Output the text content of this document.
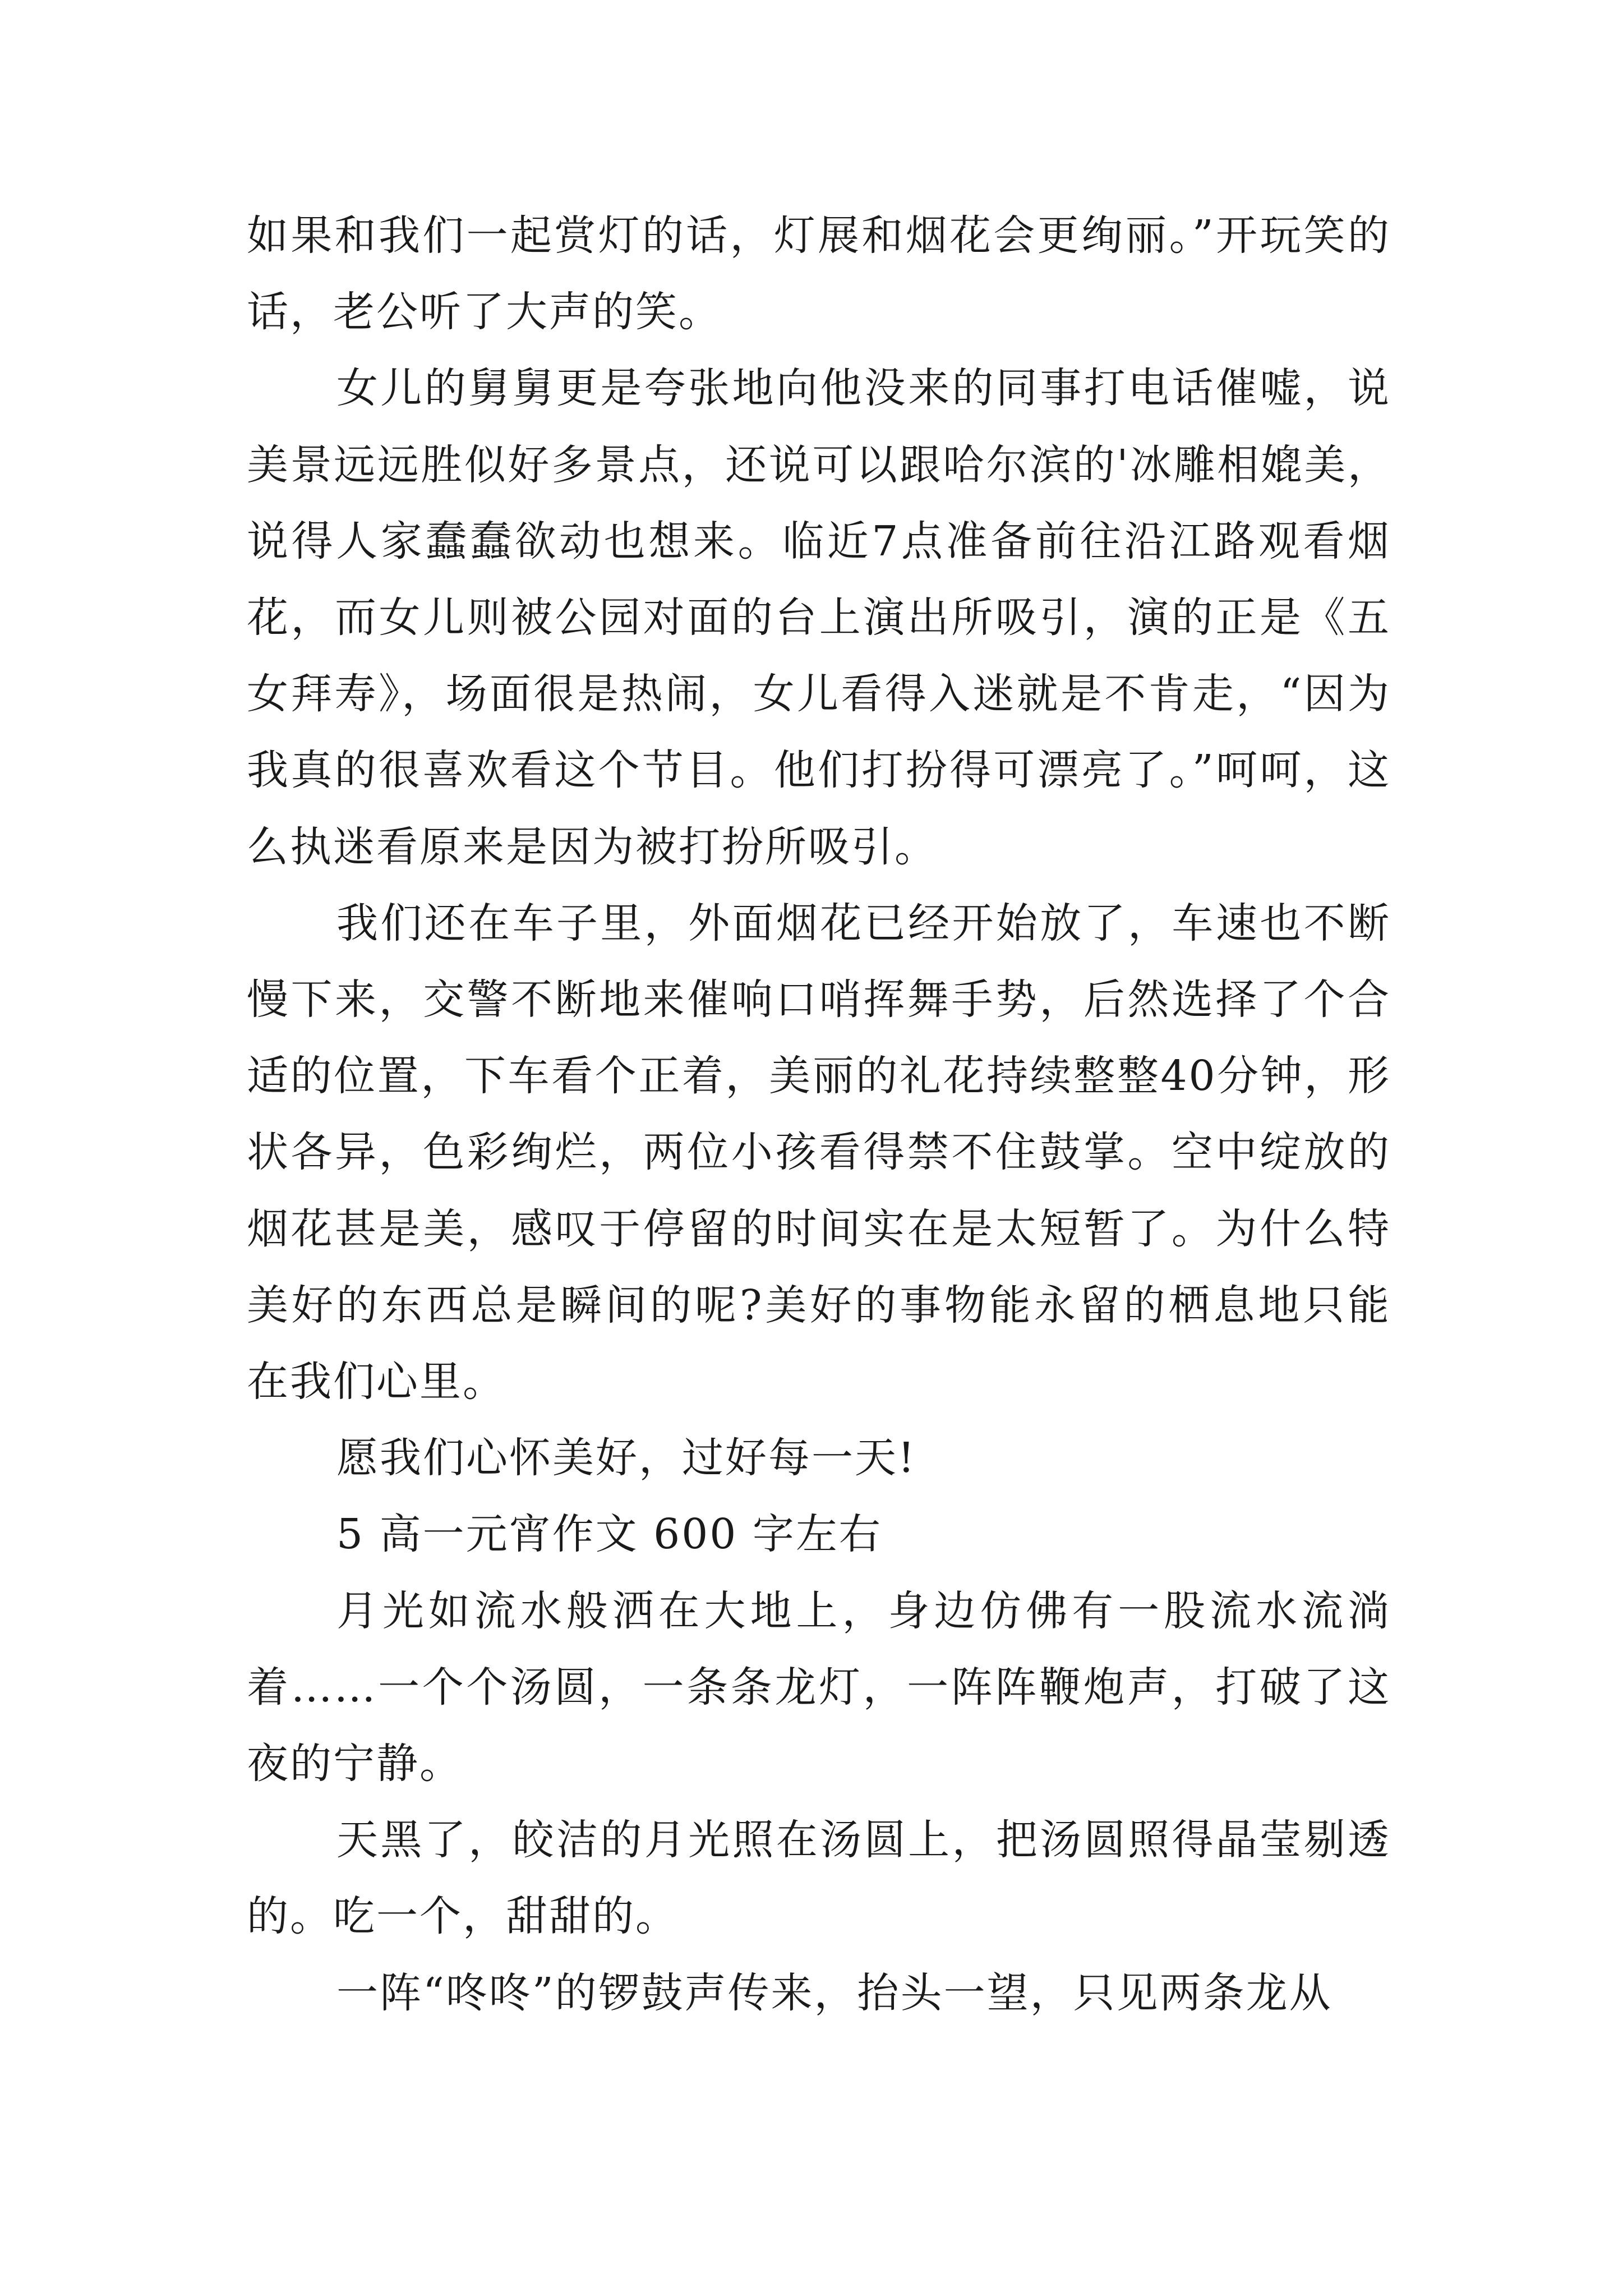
如果和我们一起赏灯的话，灯展和烟花会更绚丽。”开玩笑的话，老公听了大声的笑。

女儿的舅舅更是夸张地向他没来的同事打电话催嘘，说美景远远胜似好多景点，还说可以跟哈尔滨的'冰雕相媲美，说得人家蠢蠢欲动也想来。临近7点准备前往沿江路观看烟花，而女儿则被公园对面的台上演出所吸引，演的正是《五女拜寿》，场面很是热闹，女儿看得入迷就是不肯走，“因为我真的很喜欢看这个节目。他们打扮得可漂亮了。”呵呵，这么执迷看原来是因为被打扮所吸引。

我们还在车子里，外面烟花已经开始放了，车速也不断慢下来，交警不断地来催响口哨挥舞手势，后然选择了个合适的位置，下车看个正着，美丽的礼花持续整整40分钟，形状各异，色彩绚烂，两位小孩看得禁不住鼓掌。空中绽放的烟花甚是美，感叹于停留的时间实在是太短暂了。为什么特美好的东西总是瞬间的呢?美好的事物能永留的栖息地只能在我们心里。

愿我们心怀美好，过好每一天!

5 高一元宵作文 600 字左右

月光如流水般洒在大地上，身边仿佛有一股流水流淌着……一个个汤圆，一条条龙灯，一阵阵鞭炮声，打破了这夜的宁静。

天黑了，皎洁的月光照在汤圆上，把汤圆照得晶莹剔透的。吃一个，甜甜的。

一阵“咚咚”的锣鼓声传来，抬头一望，只见两条龙从
